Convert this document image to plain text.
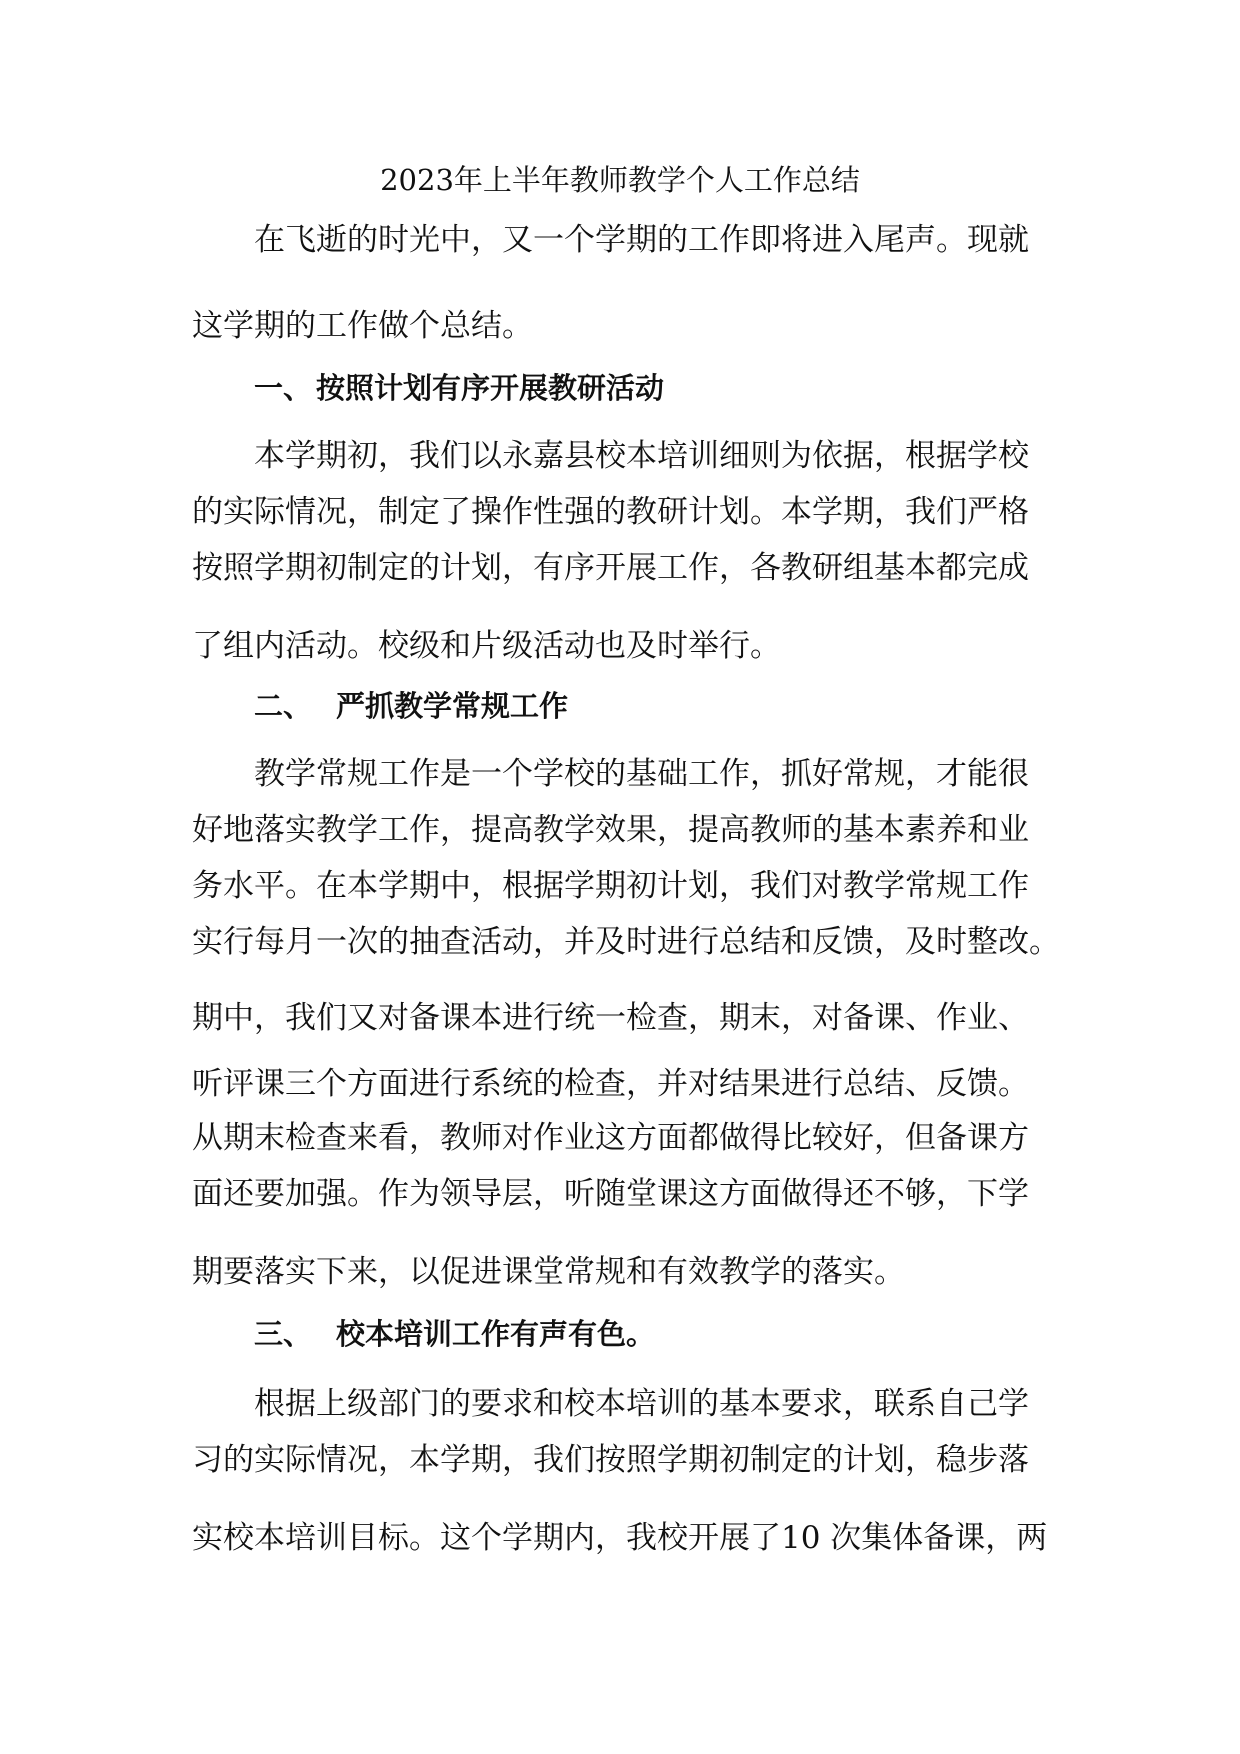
2023年上半年教师教学个人工作总结
在飞逝的时光中，又一个学期的工作即将进入尾声。现就
这学期的工作做个总结。
一、 按照计划有序开展教研活动
本学期初，我们以永嘉县校本培训细则为依据，根据学校
的实际情况，制定了操作性强的教研计划。本学期，我们严格
按照学期初制定的计划，有序开展工作，各教研组基本都完成
了组内活动。校级和片级活动也及时举行。
二、 严抓教学常规工作
教学常规工作是一个学校的基础工作，抓好常规，才能很
好地落实教学工作，提高教学效果，提高教师的基本素养和业
务水平。在本学期中，根据学期初计划，我们对教学常规工作
实行每月一次的抽查活动，并及时进行总结和反馈，及时整改。
期中，我们又对备课本进行统一检查，期末，对备课、作业、
听评课三个方面进行系统的检查，并对结果进行总结、反馈。
从期末检查来看，教师对作业这方面都做得比较好，但备课方
面还要加强。作为领导层，听随堂课这方面做得还不够，下学
期要落实下来，以促进课堂常规和有效教学的落实。
三、 校本培训工作有声有色。
根据上级部门的要求和校本培训的基本要求，联系自己学
习的实际情况，本学期，我们按照学期初制定的计划，稳步落
实校本培训目标。这个学期内，我校开展了10 次集体备课，两
